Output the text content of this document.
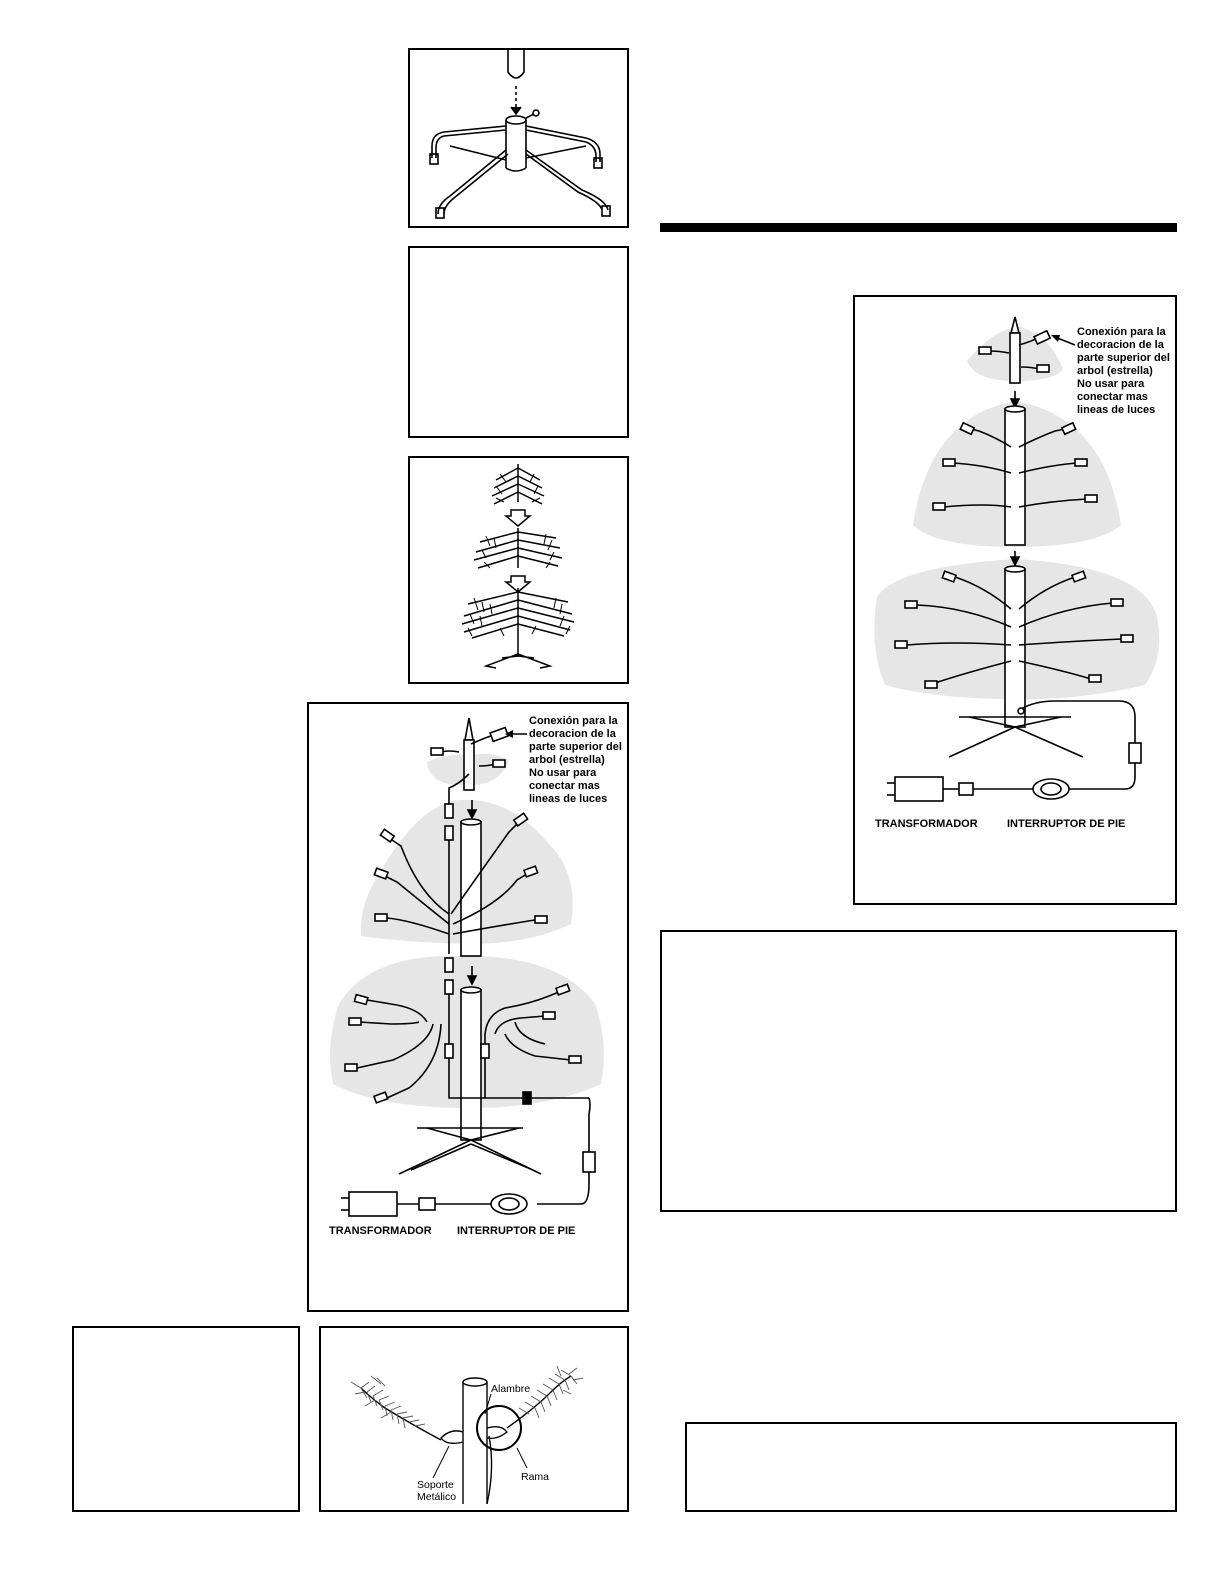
Conexión para la
decoracion de la
parte superior del
arbol (estrella)
No usar para
conectar mas
lineas de luces
TRANSFORMADOR INTERRUPTOR DE PIE
Alambre
Rama
Soporte
Metálico
Conexión para la
decoracion de la
parte superior del
arbol (estrella)
No usar para
conectar mas
lineas de luces
TRANSFORMADOR	INTERRUPTOR DE PIE
